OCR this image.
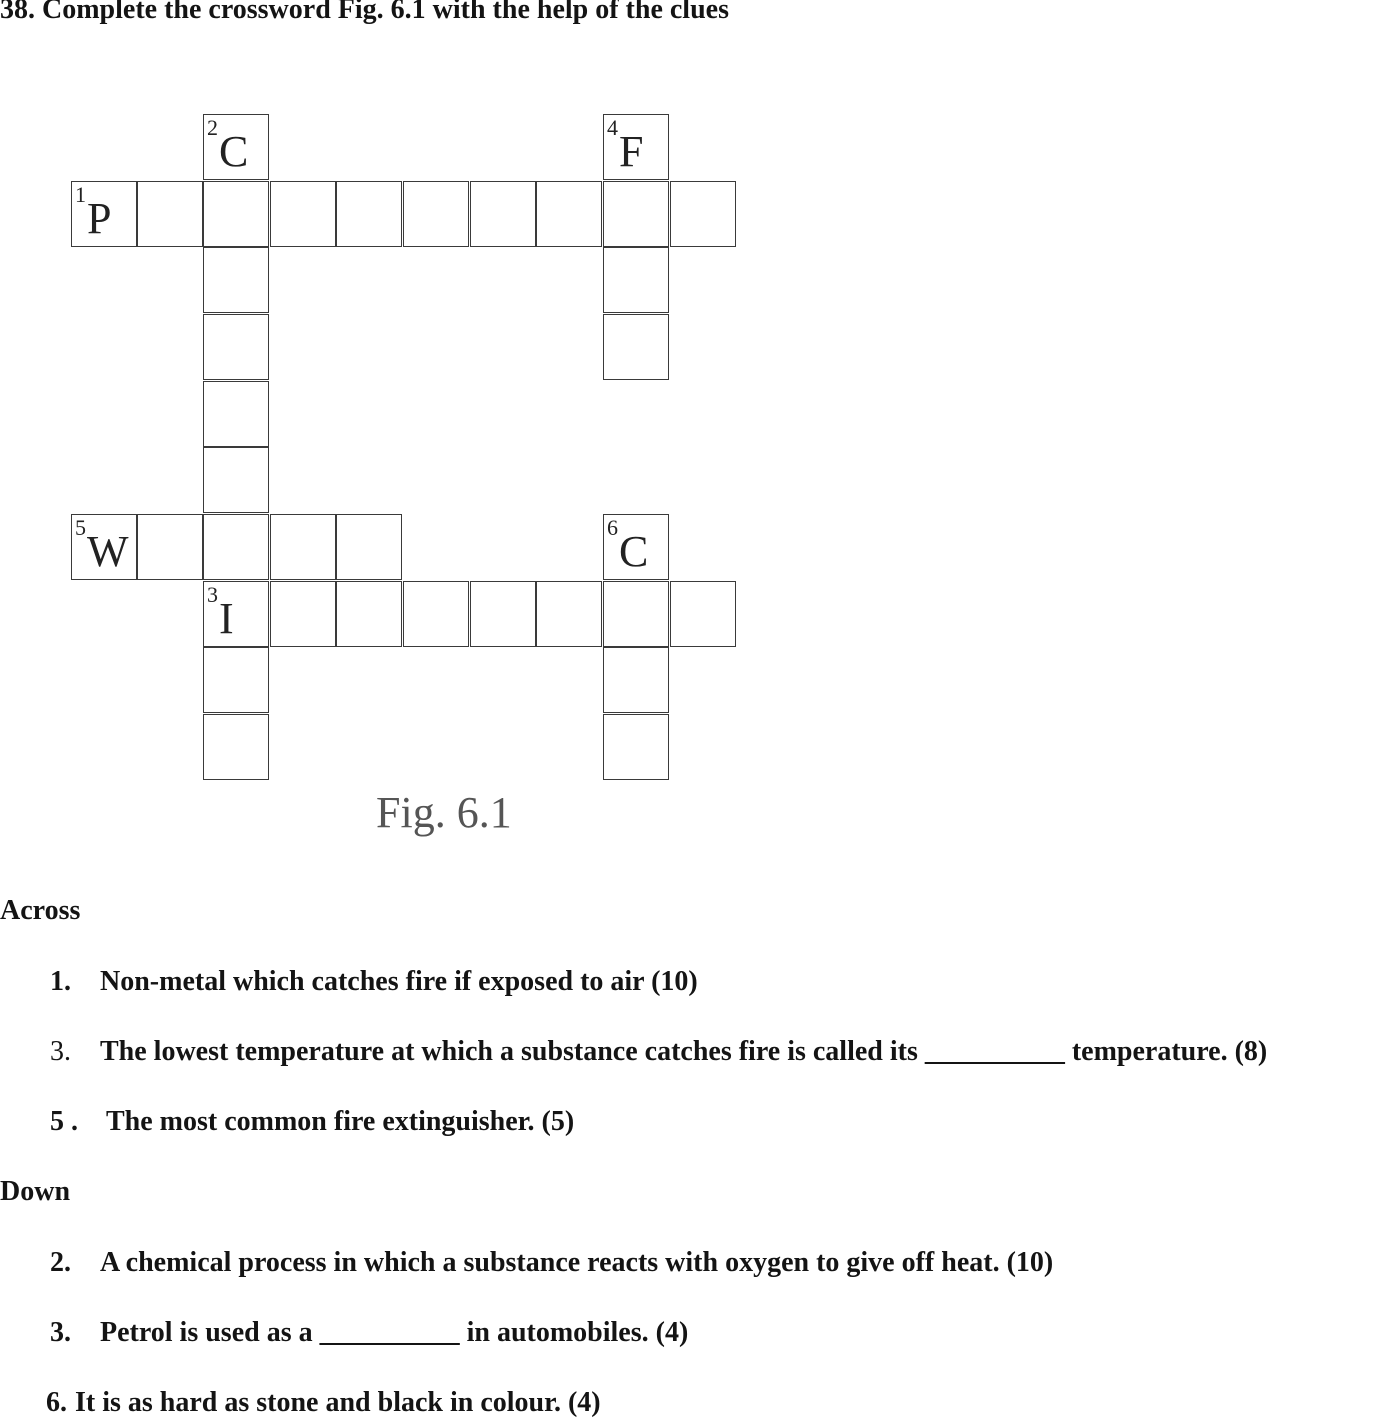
38. Complete the crossword Fig. 6.1 with the help of the clues
2 C	4 F
1 P
5 W	6 C
3 I
Fig. 6.1
Across
1. Non-metal which catches fire if exposed to air (10)
3. The lowest temperature at which a substance catches fire is called its __________ temperature. (8)
5 . The most common fire extinguisher. (5)
Down
2. A chemical process in which a substance reacts with oxygen to give off heat. (10)
3. Petrol is used as a __________ in automobiles. (4)
6. It is as hard as stone and black in colour. (4)
